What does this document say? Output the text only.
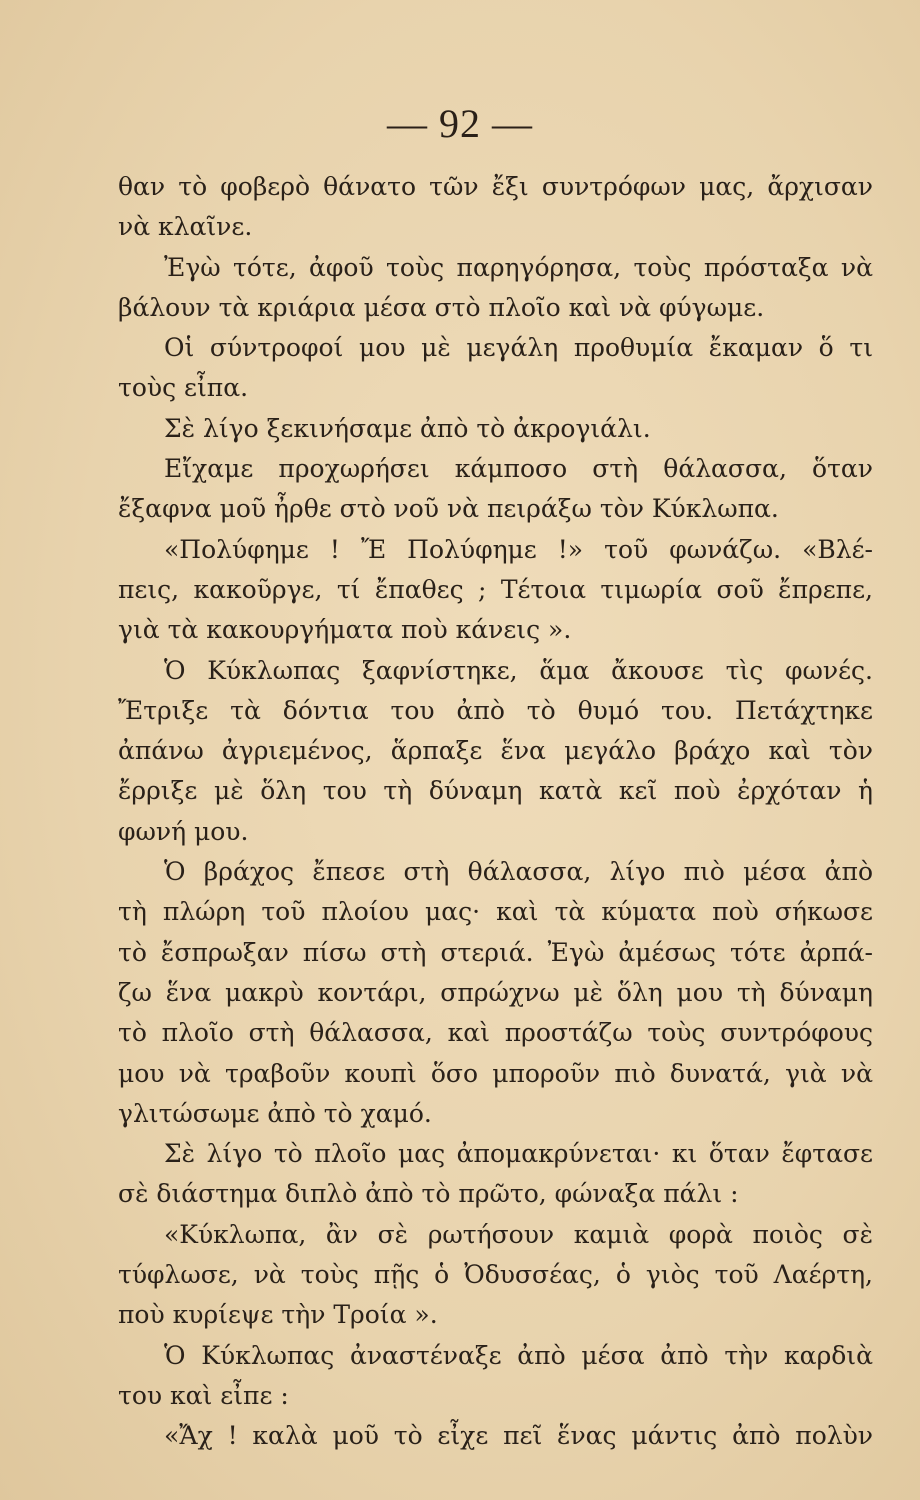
— 92 —
θαν τὸ φοβερὸ θάνατο τῶν ἔξι συντρόφων μας, ἄρχισαν
νὰ κλαῖνε.
Ἐγὼ τότε, ἀφοῦ τοὺς παρηγόρησα, τοὺς πρόσταξα νὰ
βάλουν τὰ κριάρια μέσα στὸ πλοῖο καὶ νὰ φύγωμε.
Οἱ σύντροφοί μου μὲ μεγάλη προθυμία ἔκαμαν ὅ τι
τοὺς εἶπα.
Σὲ λίγο ξεκινήσαμε ἀπὸ τὸ ἀκρογιάλι.
Εἴχαμε προχωρήσει κάμποσο στὴ θάλασσα, ὅταν
ἔξαφνα μοῦ ἦρθε στὸ νοῦ νὰ πειράξω τὸν Κύκλωπα.
«Πολύφημε ! Ἔ Πολύφημε !» τοῦ φωνάζω. «Βλέ-
πεις, κακοῦργε, τί ἔπαθες ; Τέτοια τιμωρία σοῦ ἔπρεπε,
γιὰ τὰ κακουργήματα ποὺ κάνεις ».
Ὁ Κύκλωπας ξαφνίστηκε, ἅμα ἄκουσε τὶς φωνές.
Ἔτριξε τὰ δόντια του ἀπὸ τὸ θυμό του. Πετάχτηκε
ἀπάνω ἀγριεμένος, ἅρπαξε ἕνα μεγάλο βράχο καὶ τὸν
ἔρριξε μὲ ὅλη του τὴ δύναμη κατὰ κεῖ ποὺ ἐρχόταν ἡ
φωνή μου.
Ὁ βράχος ἔπεσε στὴ θάλασσα, λίγο πιὸ μέσα ἀπὸ
τὴ πλώρη τοῦ πλοίου μας· καὶ τὰ κύματα ποὺ σήκωσε
τὸ ἔσπρωξαν πίσω στὴ στεριά. Ἐγὼ ἀμέσως τότε ἀρπά-
ζω ἕνα μακρὺ κοντάρι, σπρώχνω μὲ ὅλη μου τὴ δύναμη
τὸ πλοῖο στὴ θάλασσα, καὶ προστάζω τοὺς συντρόφους
μου νὰ τραβοῦν κουπὶ ὅσο μποροῦν πιὸ δυνατά, γιὰ νὰ
γλιτώσωμε ἀπὸ τὸ χαμό.
Σὲ λίγο τὸ πλοῖο μας ἀπομακρύνεται· κι ὅταν ἔφτασε
σὲ διάστημα διπλὸ ἀπὸ τὸ πρῶτο, φώναξα πάλι :
«Κύκλωπα, ἂν σὲ ρωτήσουν καμιὰ φορὰ ποιὸς σὲ
τύφλωσε, νὰ τοὺς πῇς ὁ Ὀδυσσέας, ὁ γιὸς τοῦ Λαέρτη,
ποὺ κυρίεψε τὴν Τροία ».
Ὁ Κύκλωπας ἀναστέναξε ἀπὸ μέσα ἀπὸ τὴν καρδιὰ
του καὶ εἶπε :
«Ἄχ ! καλὰ μοῦ τὸ εἶχε πεῖ ἕνας μάντις ἀπὸ πολὺν
